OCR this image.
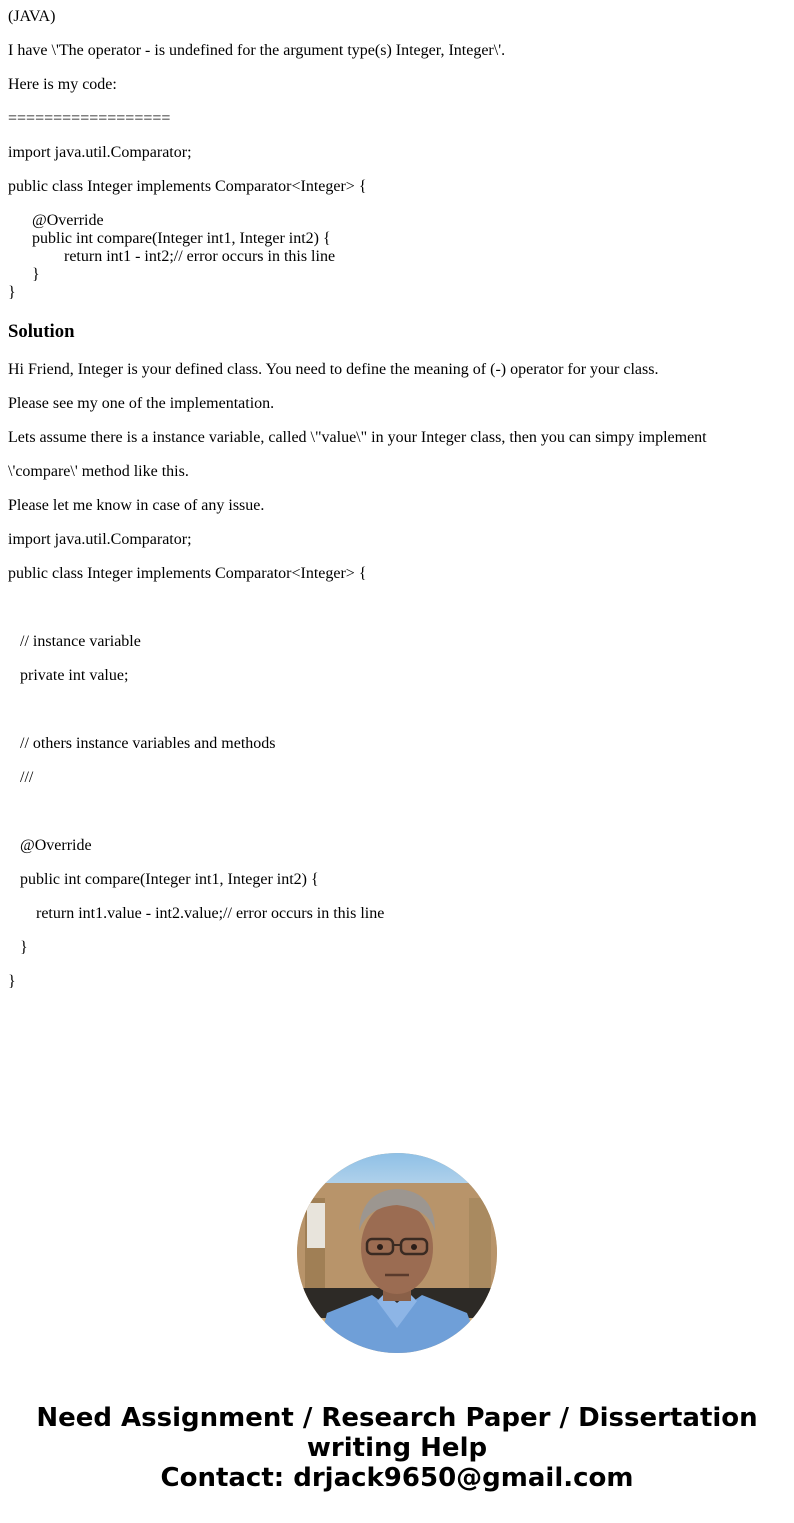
(JAVA)
I have \'The operator - is undefined for the argument type(s) Integer, Integer\'.
Here is my code:
==================
import java.util.Comparator;
public class Integer implements Comparator<Integer> {
@Override
public int compare(Integer int1, Integer int2) {
return int1 - int2;// error occurs in this line
}
}
Solution
Hi Friend, Integer is your defined class. You need to define the meaning of (-) operator for your class.
Please see my one of the implementation.
Lets assume there is a instance variable, called \"value\" in your Integer class, then you can simpy implement
\'compare\' method like this.
Please let me know in case of any issue.
import java.util.Comparator;
public class Integer implements Comparator<Integer> {
// instance variable
private int value;
// others instance variables and methods
///
@Override
public int compare(Integer int1, Integer int2) {
return int1.value - int2.value;// error occurs in this line
}
}
Need Assignment / Research Paper / Dissertation
writing Help
Contact: drjack9650@gmail.com
